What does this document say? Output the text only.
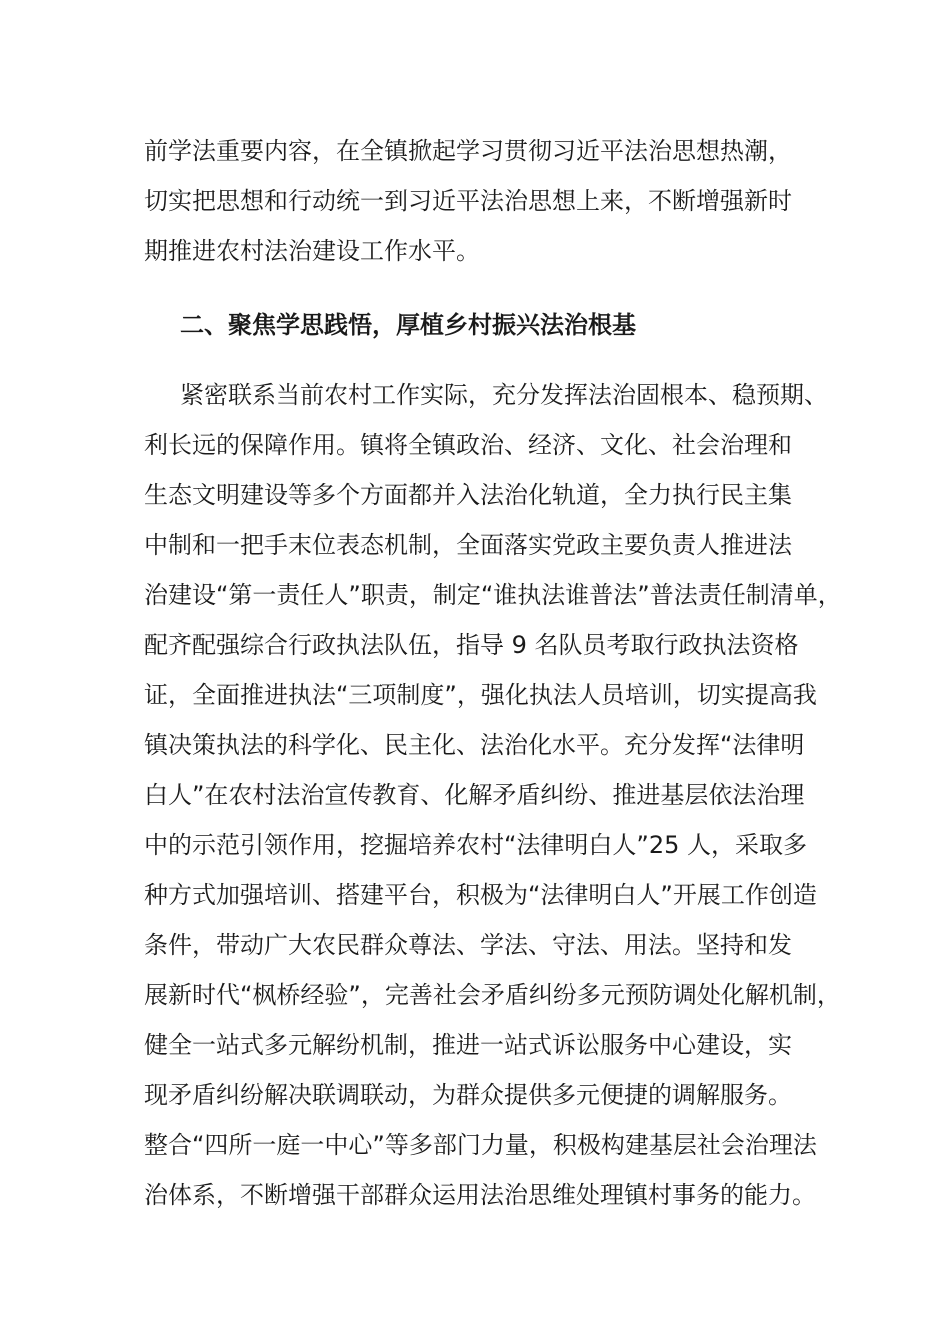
前学法重要内容，在全镇掀起学习贯彻习近平法治思想热潮，
切实把思想和行动统一到习近平法治思想上来，不断增强新时
期推进农村法治建设工作水平。
二、聚焦学思践悟，厚植乡村振兴法治根基
紧密联系当前农村工作实际，充分发挥法治固根本、稳预期、
利长远的保障作用。镇将全镇政治、经济、文化、社会治理和
生态文明建设等多个方面都并入法治化轨道，全力执行民主集
中制和一把手末位表态机制，全面落实党政主要负责人推进法
治建设“第一责任人”职责，制定“谁执法谁普法”普法责任制清单，
配齐配强综合行政执法队伍，指导 9 名队员考取行政执法资格
证，全面推进执法“三项制度”，强化执法人员培训，切实提高我
镇决策执法的科学化、民主化、法治化水平。充分发挥“法律明
白人”在农村法治宣传教育、化解矛盾纠纷、推进基层依法治理
中的示范引领作用，挖掘培养农村“法律明白人”25 人，采取多
种方式加强培训、搭建平台，积极为“法律明白人”开展工作创造
条件，带动广大农民群众尊法、学法、守法、用法。坚持和发
展新时代“枫桥经验”，完善社会矛盾纠纷多元预防调处化解机制，
健全一站式多元解纷机制，推进一站式诉讼服务中心建设，实
现矛盾纠纷解决联调联动，为群众提供多元便捷的调解服务。
整合“四所一庭一中心”等多部门力量，积极构建基层社会治理法
治体系，不断增强干部群众运用法治思维处理镇村事务的能力。
